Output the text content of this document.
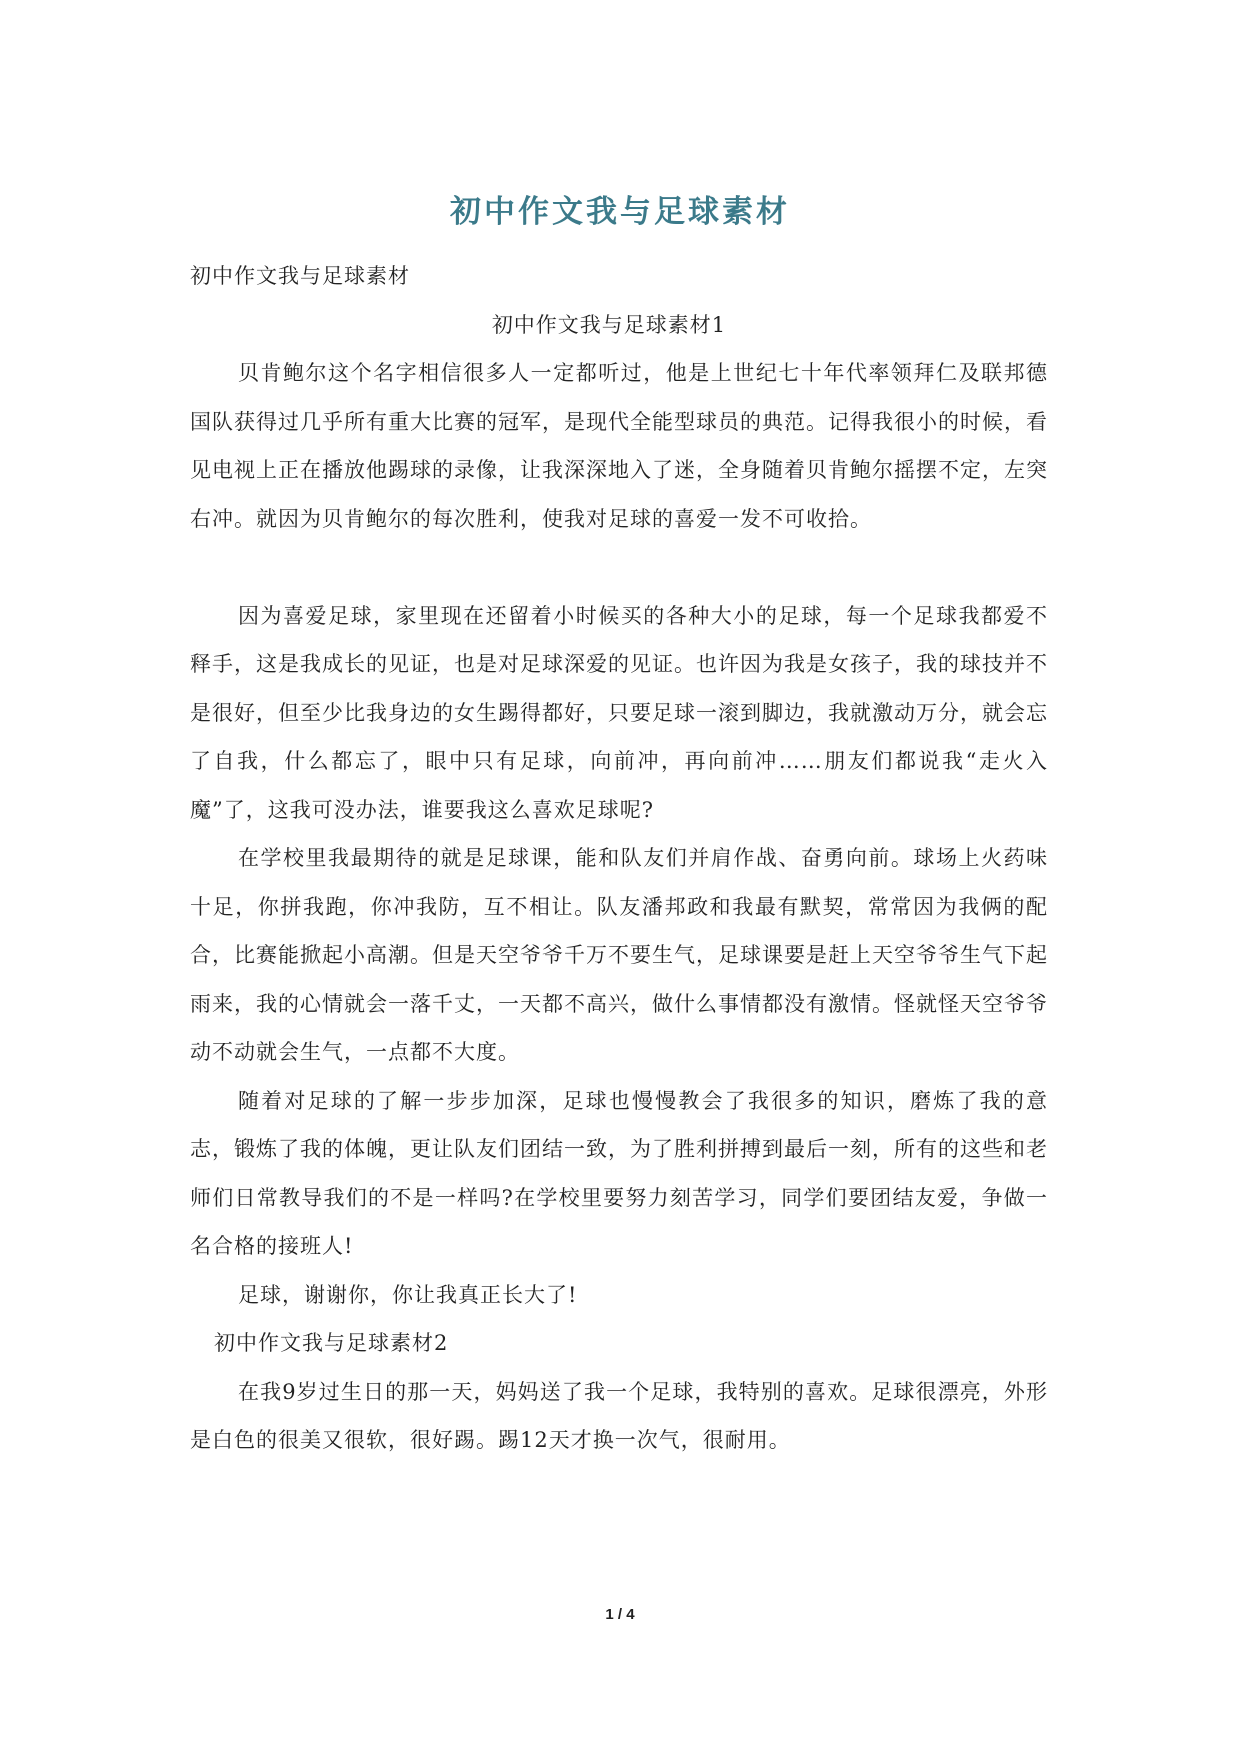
初中作文我与足球素材

初中作文我与足球素材

初中作文我与足球素材1

贝肯鲍尔这个名字相信很多人一定都听过，他是上世纪七十年代率领拜仁及联邦德国队获得过几乎所有重大比赛的冠军，是现代全能型球员的典范。记得我很小的时候，看见电视上正在播放他踢球的录像，让我深深地入了迷，全身随着贝肯鲍尔摇摆不定，左突右冲。就因为贝肯鲍尔的每次胜利，使我对足球的喜爱一发不可收拾。

因为喜爱足球，家里现在还留着小时候买的各种大小的足球，每一个足球我都爱不释手，这是我成长的见证，也是对足球深爱的见证。也许因为我是女孩子，我的球技并不是很好，但至少比我身边的女生踢得都好，只要足球一滚到脚边，我就激动万分，就会忘了自我，什么都忘了，眼中只有足球，向前冲，再向前冲……朋友们都说我“走火入魔”了，这我可没办法，谁要我这么喜欢足球呢?

在学校里我最期待的就是足球课，能和队友们并肩作战、奋勇向前。球场上火药味十足，你拼我跑，你冲我防，互不相让。队友潘邦政和我最有默契，常常因为我俩的配合，比赛能掀起小高潮。但是天空爷爷千万不要生气，足球课要是赶上天空爷爷生气下起雨来，我的心情就会一落千丈，一天都不高兴，做什么事情都没有激情。怪就怪天空爷爷动不动就会生气，一点都不大度。

随着对足球的了解一步步加深，足球也慢慢教会了我很多的知识，磨炼了我的意志，锻炼了我的体魄，更让队友们团结一致，为了胜利拼搏到最后一刻，所有的这些和老师们日常教导我们的不是一样吗?在学校里要努力刻苦学习，同学们要团结友爱，争做一名合格的接班人!

足球，谢谢你，你让我真正长大了!

初中作文我与足球素材2

在我9岁过生日的那一天，妈妈送了我一个足球，我特别的喜欢。足球很漂亮，外形是白色的很美又很软，很好踢。踢12天才换一次气，很耐用。

1 / 4
